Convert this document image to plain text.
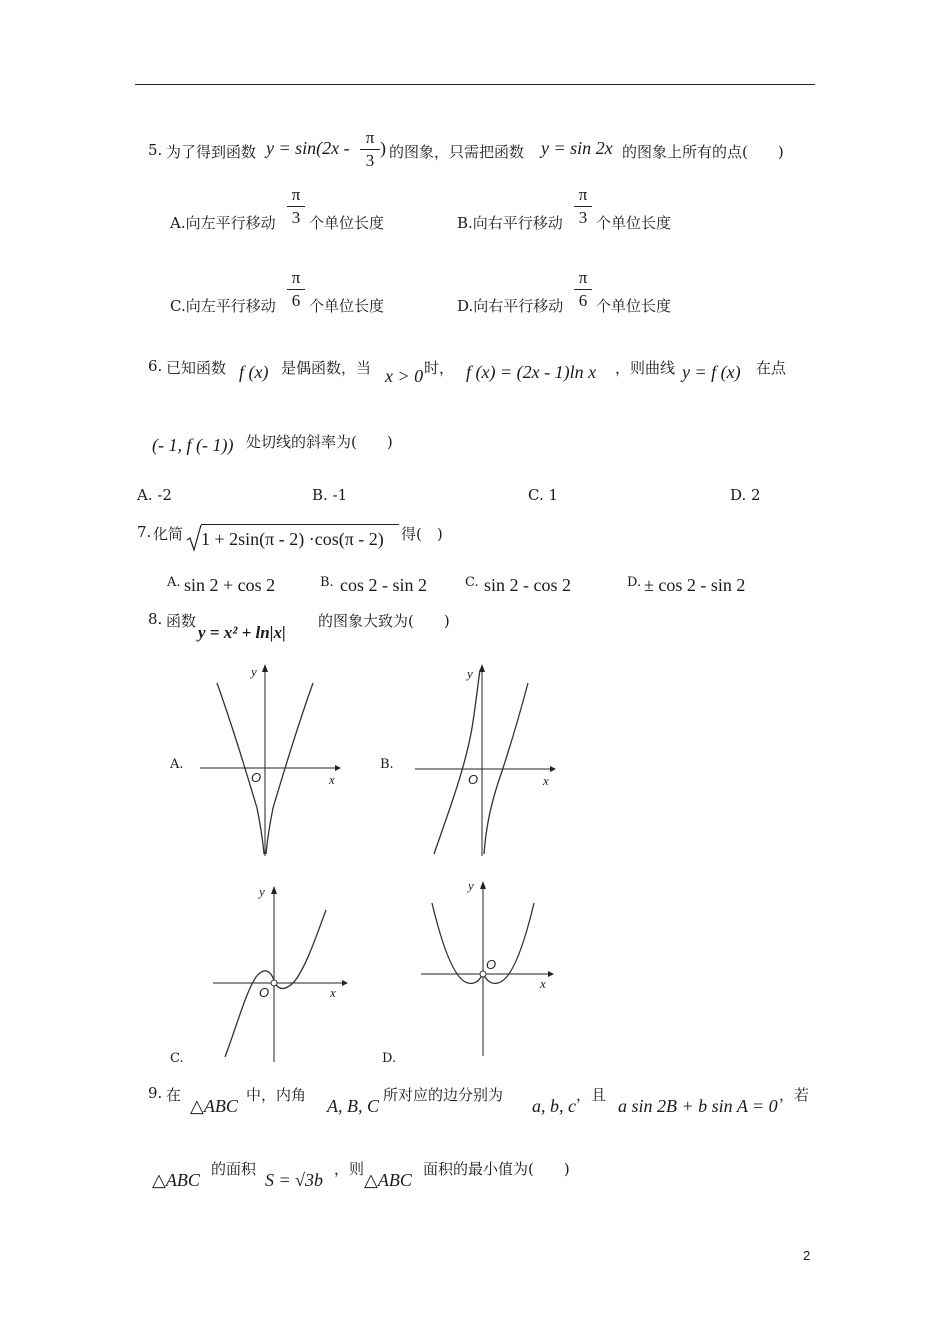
5. 为了得到函数 y = sin(2x -
π
3
) 的图象，只需把函数 y = sin 2x 的图象上所有的点(　　)
A.向左平行移动
π
3 个单位长度	B.向右平行移动
π
3 个单位长度
C.向左平行移动
π
6 个单位长度	D.向右平行移动
π
6 个单位长度
6. 已知函数 f (x) 是偶函数，当 x > 0 时， f (x) = (2x - 1)ln x ，则曲线 y = f (x) 在点
(- 1, f (- 1)) 处切线的斜率为(　　)
A. -2	B. -1	C. 1	D. 2
7. 化简 1 + 2sin(π - 2) ·cos(π - 2) 得(　)
A. sin 2 + cos 2	B. cos 2 - sin 2	C. sin 2 - cos 2	D. ± cos 2 - sin 2
8. 函数
y = x² + ln|x|
的图象大致为(　　)
A.	B.
C.	D.
O	x
y
O	x
y
O	x
y
O
x
y
9. 在
△ABC
中，内角
A, B, C
所对应的边分别为
a, b, c
，且
a sin 2B + b sin A = 0
，若
△ABC
的面积
S = √3b
，则
△ABC
面积的最小值为(　　)
2
